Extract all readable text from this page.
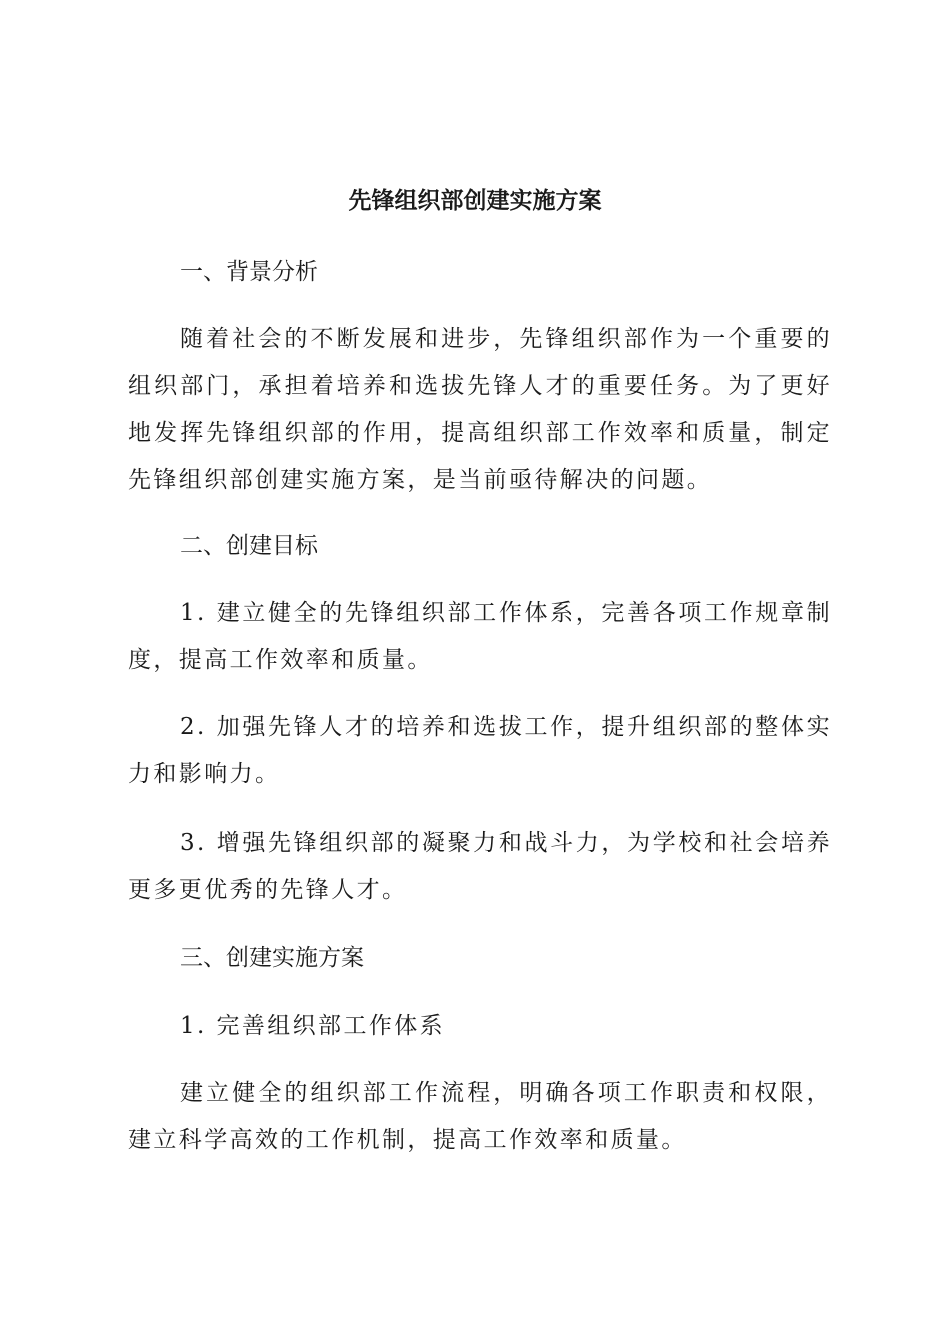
先锋组织部创建实施方案
一、背景分析
随着社会的不断发展和进步，先锋组织部作为一个重要的组织部门，承担着培养和选拔先锋人才的重要任务。为了更好地发挥先锋组织部的作用，提高组织部工作效率和质量，制定先锋组织部创建实施方案，是当前亟待解决的问题。
二、创建目标
1. 建立健全的先锋组织部工作体系，完善各项工作规章制度，提高工作效率和质量。
2. 加强先锋人才的培养和选拔工作，提升组织部的整体实力和影响力。
3. 增强先锋组织部的凝聚力和战斗力，为学校和社会培养更多更优秀的先锋人才。
三、创建实施方案
1. 完善组织部工作体系
建立健全的组织部工作流程，明确各项工作职责和权限，建立科学高效的工作机制，提高工作效率和质量。
